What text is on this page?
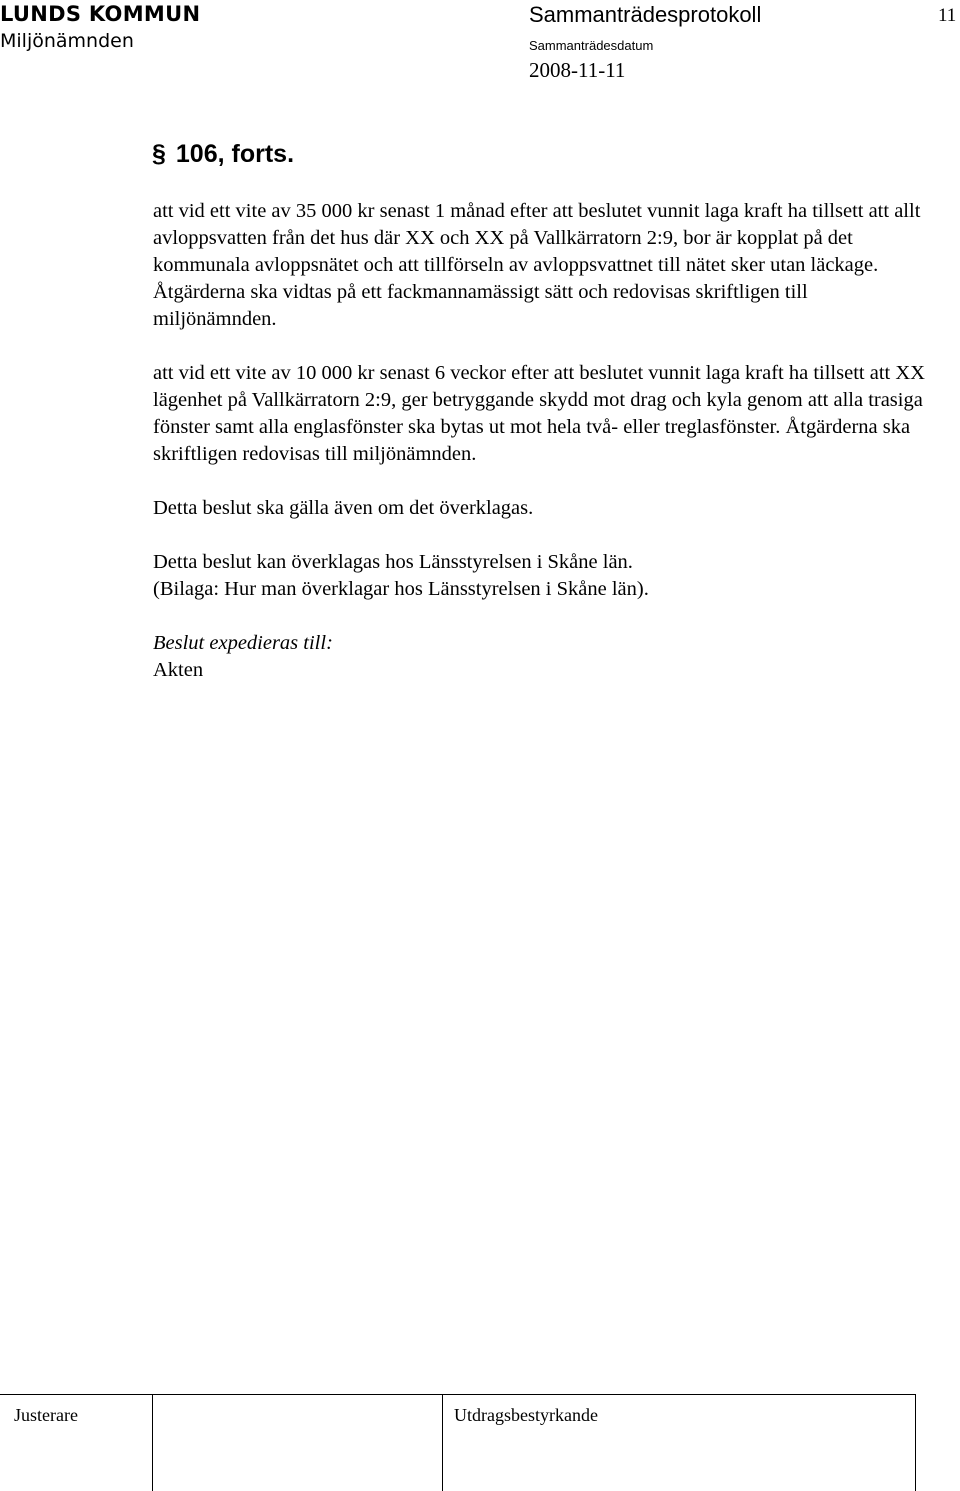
LUNDS KOMMUN
Miljönämnden
Sammanträdesprotokoll	11
Sammanträdesdatum
2008-11-11
§ 106, forts.

att vid ett vite av 35 000 kr senast 1 månad efter att beslutet vunnit laga kraft ha tillsett att allt avloppsvatten från det hus där XX och XX på Vallkärratorn 2:9, bor är kopplat på det kommunala avloppsnätet och att tillförseln av avloppsvattnet till nätet sker utan läckage. Åtgärderna ska vidtas på ett fackmannamässigt sätt och redovisas skriftligen till miljönämnden.

att vid ett vite av 10 000 kr senast 6 veckor efter att beslutet vunnit laga kraft ha tillsett att XX lägenhet på Vallkärratorn 2:9, ger betryggande skydd mot drag och kyla genom att alla trasiga fönster samt alla englasfönster ska bytas ut mot hela två- eller treglasfönster. Åtgärderna ska skriftligen redovisas till miljönämnden.

Detta beslut ska gälla även om det överklagas.

Detta beslut kan överklagas hos Länsstyrelsen i Skåne län.

(Bilaga: Hur man överklagar hos Länsstyrelsen i Skåne län).

Beslut expedieras till:

Akten

Justerare	Utdragsbestyrkande
